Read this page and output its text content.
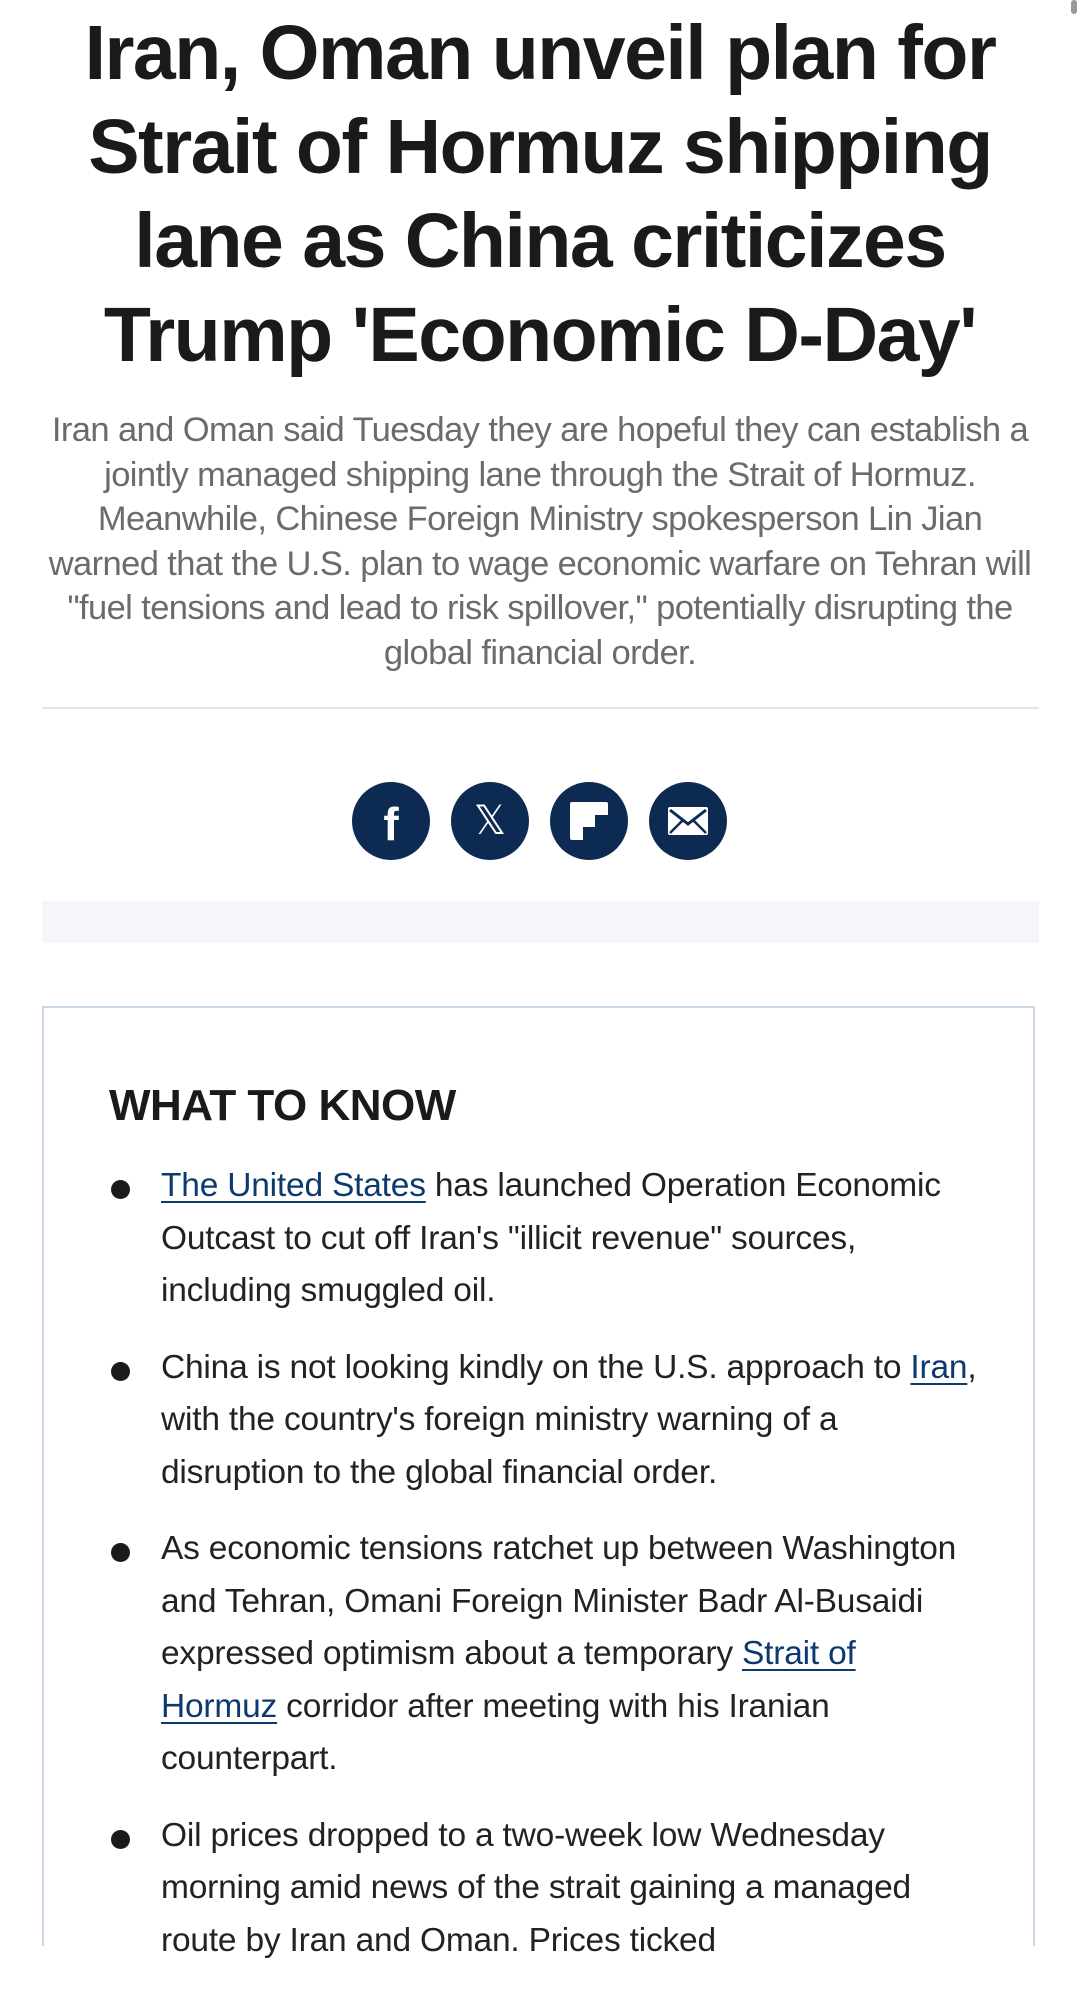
Iran, Oman unveil plan for Strait of Hormuz shipping lane as China criticizes Trump 'Economic D-Day'

Iran and Oman said Tuesday they are hopeful they can establish a jointly managed shipping lane through the Strait of Hormuz. Meanwhile, Chinese Foreign Ministry spokesperson Lin Jian warned that the U.S. plan to wage economic warfare on Tehran will "fuel tensions and lead to risk spillover," potentially disrupting the global financial order.

f 𝕏
WHAT TO KNOW
The United States has launched Operation Economic Outcast to cut off Iran's "illicit revenue" sources, including smuggled oil.
China is not looking kindly on the U.S. approach to Iran, with the country's foreign ministry warning of a disruption to the global financial order.
As economic tensions ratchet up between Washington and Tehran, Omani Foreign Minister Badr Al-Busaidi expressed optimism about a temporary Strait of Hormuz corridor after meeting with his Iranian counterpart.
Oil prices dropped to a two-week low Wednesday morning amid news of the strait gaining a managed route by Iran and Oman. Prices ticked
